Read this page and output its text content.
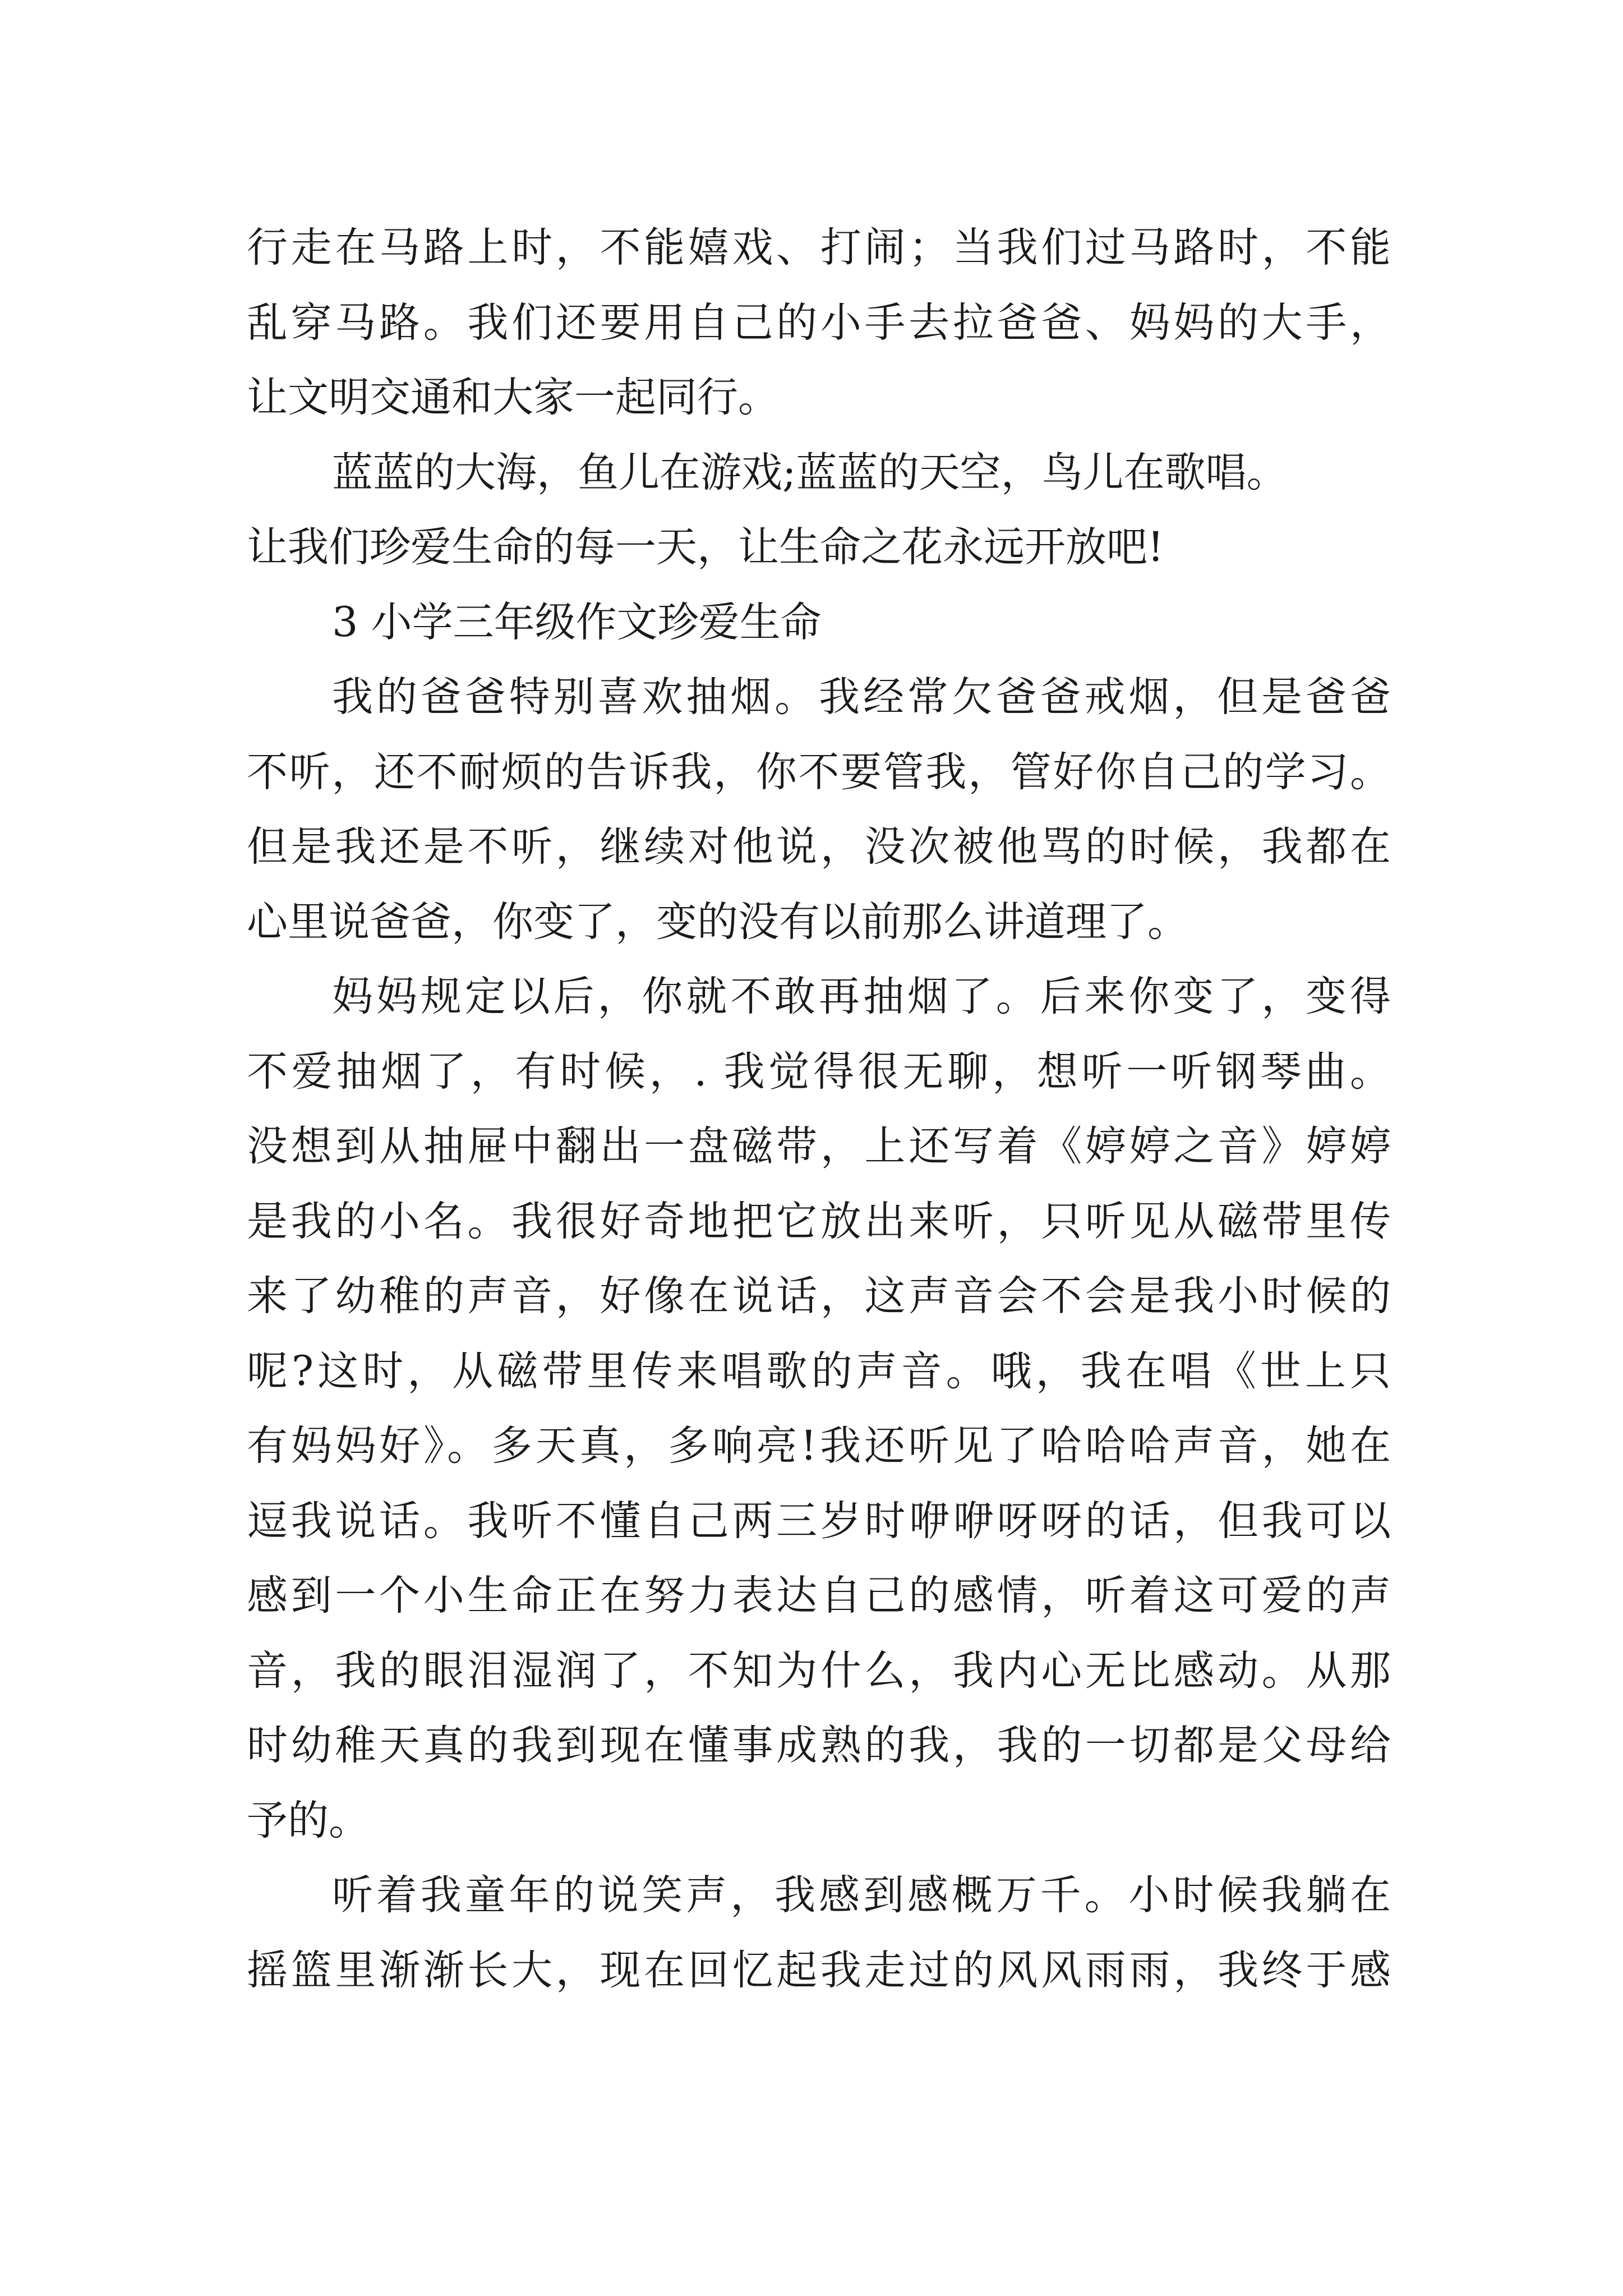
行走在马路上时，不能嬉戏、打闹；当我们过马路时，不能
乱穿马路。我们还要用自己的小手去拉爸爸、妈妈的大手，
让文明交通和大家一起同行。
蓝蓝的大海，鱼儿在游戏;蓝蓝的天空，鸟儿在歌唱。
让我们珍爱生命的每一天，让生命之花永远开放吧!
3 小学三年级作文珍爱生命
我的爸爸特别喜欢抽烟。我经常欠爸爸戒烟，但是爸爸
不听，还不耐烦的告诉我，你不要管我，管好你自己的学习。
但是我还是不听，继续对他说，没次被他骂的时候，我都在
心里说爸爸，你变了，变的没有以前那么讲道理了。
妈妈规定以后，你就不敢再抽烟了。后来你变了，变得
不爱抽烟了，有时候，. 我觉得很无聊，想听一听钢琴曲。
没想到从抽屉中翻出一盘磁带，上还写着《婷婷之音》婷婷
是我的小名。我很好奇地把它放出来听，只听见从磁带里传
来了幼稚的声音，好像在说话，这声音会不会是我小时候的
呢?这时，从磁带里传来唱歌的声音。哦，我在唱《世上只
有妈妈好》。多天真，多响亮!我还听见了哈哈哈声音，她在
逗我说话。我听不懂自己两三岁时咿咿呀呀的话，但我可以
感到一个小生命正在努力表达自己的感情，听着这可爱的声
音，我的眼泪湿润了，不知为什么，我内心无比感动。从那
时幼稚天真的我到现在懂事成熟的我，我的一切都是父母给
予的。
听着我童年的说笑声，我感到感概万千。小时候我躺在
摇篮里渐渐长大，现在回忆起我走过的风风雨雨，我终于感
